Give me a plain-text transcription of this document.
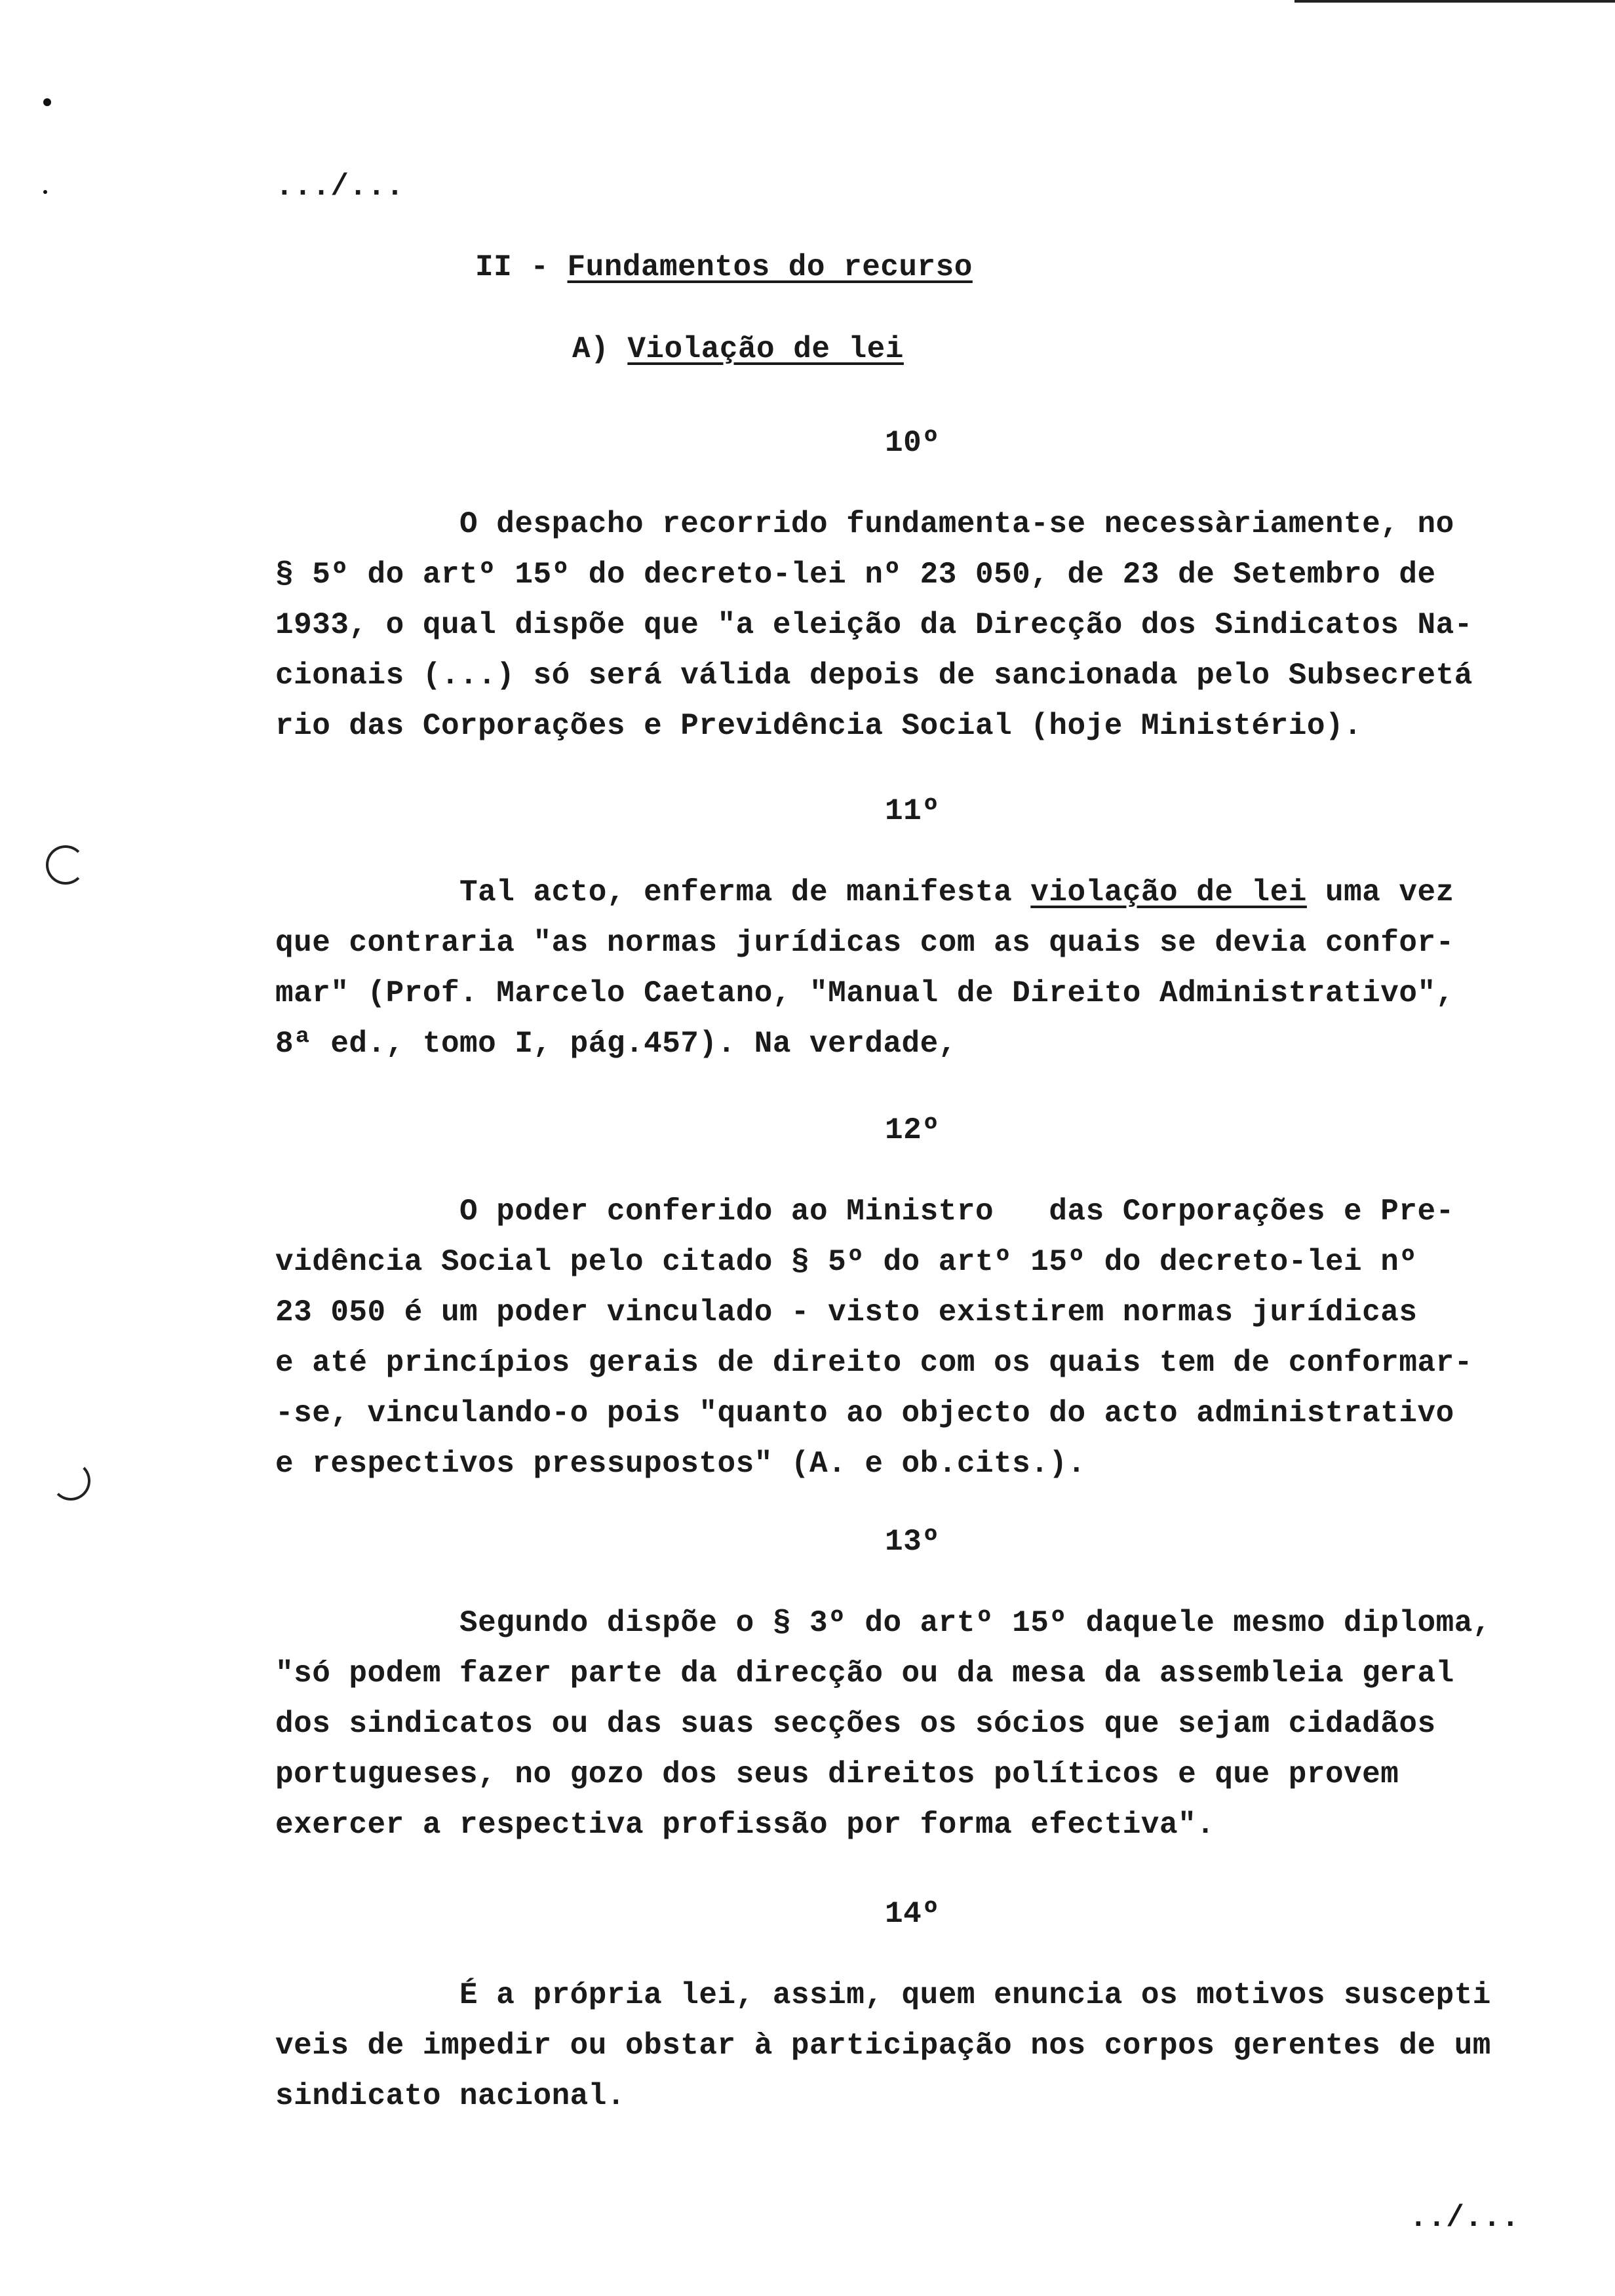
.../...
II - Fundamentos do recurso
A) Violação de lei
10º
O despacho recorrido fundamenta-se necessàriamente, no
§ 5º do artº 15º do decreto-lei nº 23 050, de 23 de Setembro de
1933, o qual dispõe que "a eleição da Direcção dos Sindicatos Na-
cionais (...) só será válida depois de sancionada pelo Subsecretá
rio das Corporações e Previdência Social (hoje Ministério).
11º
Tal acto, enferma de manifesta violação de lei uma vez
que contraria "as normas jurídicas com as quais se devia confor-
mar" (Prof. Marcelo Caetano, "Manual de Direito Administrativo",
8ª ed., tomo I, pág.457). Na verdade,
12º
O poder conferido ao Ministro   das Corporações e Pre-
vidência Social pelo citado § 5º do artº 15º do decreto-lei nº
23 050 é um poder vinculado - visto existirem normas jurídicas
e até princípios gerais de direito com os quais tem de conformar-
-se, vinculando-o pois "quanto ao objecto do acto administrativo
e respectivos pressupostos" (A. e ob.cits.).
13º
Segundo dispõe o § 3º do artº 15º daquele mesmo diploma,
"só podem fazer parte da direcção ou da mesa da assembleia geral
dos sindicatos ou das suas secções os sócios que sejam cidadãos
portugueses, no gozo dos seus direitos políticos e que provem
exercer a respectiva profissão por forma efectiva".
14º
É a própria lei, assim, quem enuncia os motivos suscepti
veis de impedir ou obstar à participação nos corpos gerentes de um
sindicato nacional.
../...
